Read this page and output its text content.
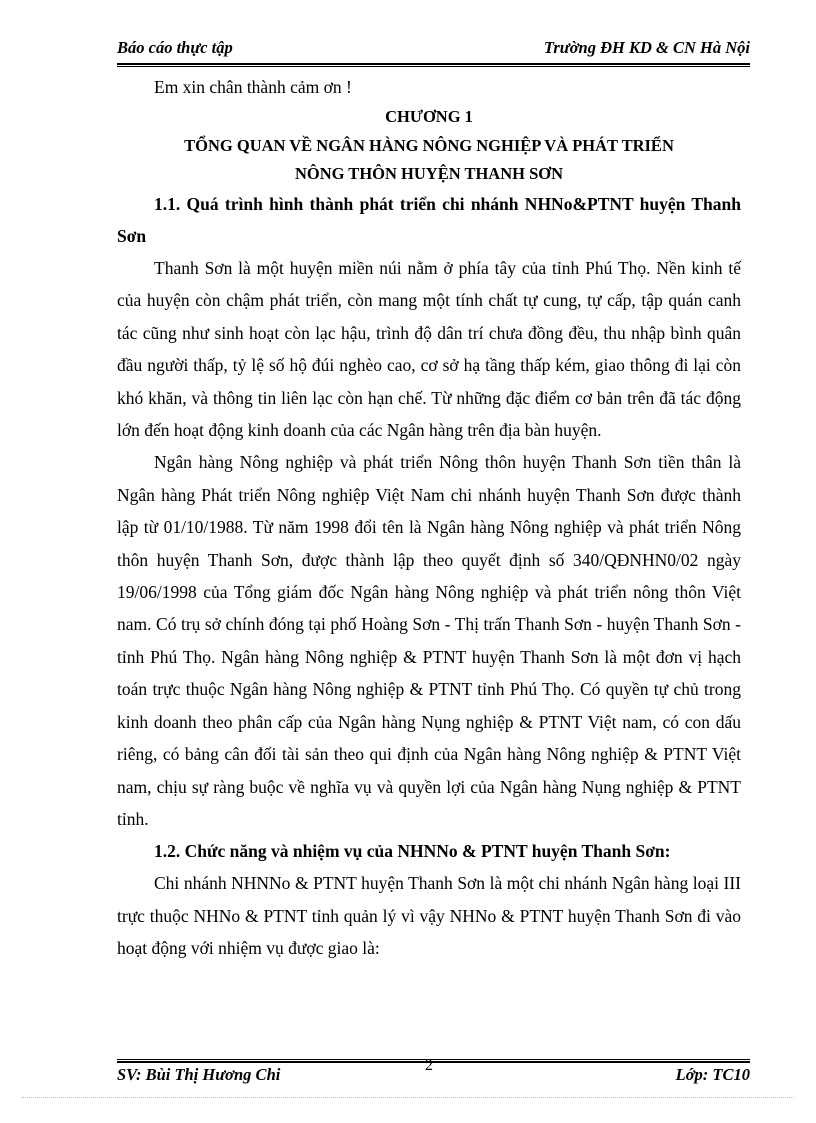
Báo cáo thực tập	Trường ĐH KD & CN Hà Nội

Em xin chân thành cảm ơn !

CHƯƠNG 1

TỔNG QUAN VỀ NGÂN HÀNG NÔNG NGHIỆP VÀ PHÁT TRIỂN

NÔNG THÔN HUYỆN THANH SƠN

1.1. Quá trình hình thành phát triển chi nhánh NHNo&PTNT huyện Thanh Sơn

Thanh Sơn là một huyện miền núi nằm ở phía tây của tỉnh Phú Thọ. Nền kinh tế của huyện còn chậm phát triển, còn mang một tính chất tự cung, tự cấp, tập quán canh tác cũng như sinh hoạt còn lạc hậu, trình độ dân trí chưa đồng đều, thu nhập bình quân đầu người thấp, tỷ lệ số hộ đúi nghèo cao, cơ sở hạ tầng thấp kém, giao thông đi lại còn khó khăn, và thông tin liên lạc còn hạn chế. Từ những đặc điểm cơ bản trên đã tác động lớn đến hoạt động kinh doanh của các Ngân hàng trên địa bàn huyện.

Ngân hàng Nông nghiệp và phát triển Nông thôn huyện Thanh Sơn tiền thân là Ngân hàng Phát triển Nông nghiệp Việt Nam chi nhánh huyện Thanh Sơn được thành lập từ 01/10/1988. Từ năm 1998 đổi tên là Ngân hàng Nông nghiệp và phát triển Nông thôn huyện Thanh Sơn, được thành lập theo quyết định số 340/QĐNHN0/02 ngày 19/06/1998 của Tổng giám đốc Ngân hàng Nông nghiệp và phát triển nông thôn Việt nam. Có trụ sở chính đóng tại phố Hoàng Sơn - Thị trấn Thanh Sơn - huyện Thanh Sơn - tỉnh Phú Thọ. Ngân hàng Nông nghiệp & PTNT huyện Thanh Sơn là một đơn vị hạch toán trực thuộc Ngân hàng Nông nghiệp & PTNT tỉnh Phú Thọ. Có quyền tự chủ trong kinh doanh theo phân cấp của Ngân hàng Nụng nghiệp & PTNT Việt nam, có con dấu riêng, có bảng cân đối tài sản theo qui định của Ngân hàng Nông nghiệp & PTNT Việt nam, chịu sự ràng buộc về nghĩa vụ và quyền lợi của Ngân hàng Nụng nghiệp & PTNT tỉnh.

1.2. Chức năng và nhiệm vụ của NHNNo & PTNT huyện Thanh Sơn:

Chi nhánh NHNNo & PTNT huyện Thanh Sơn là một chi nhánh Ngân hàng loại III trực thuộc NHNo & PTNT tỉnh quản lý vì vậy NHNo & PTNT huyện Thanh Sơn đi vào hoạt động với nhiệm vụ được giao là:

SV: Bùi Thị Hương Chi	2	Lớp: TC10
